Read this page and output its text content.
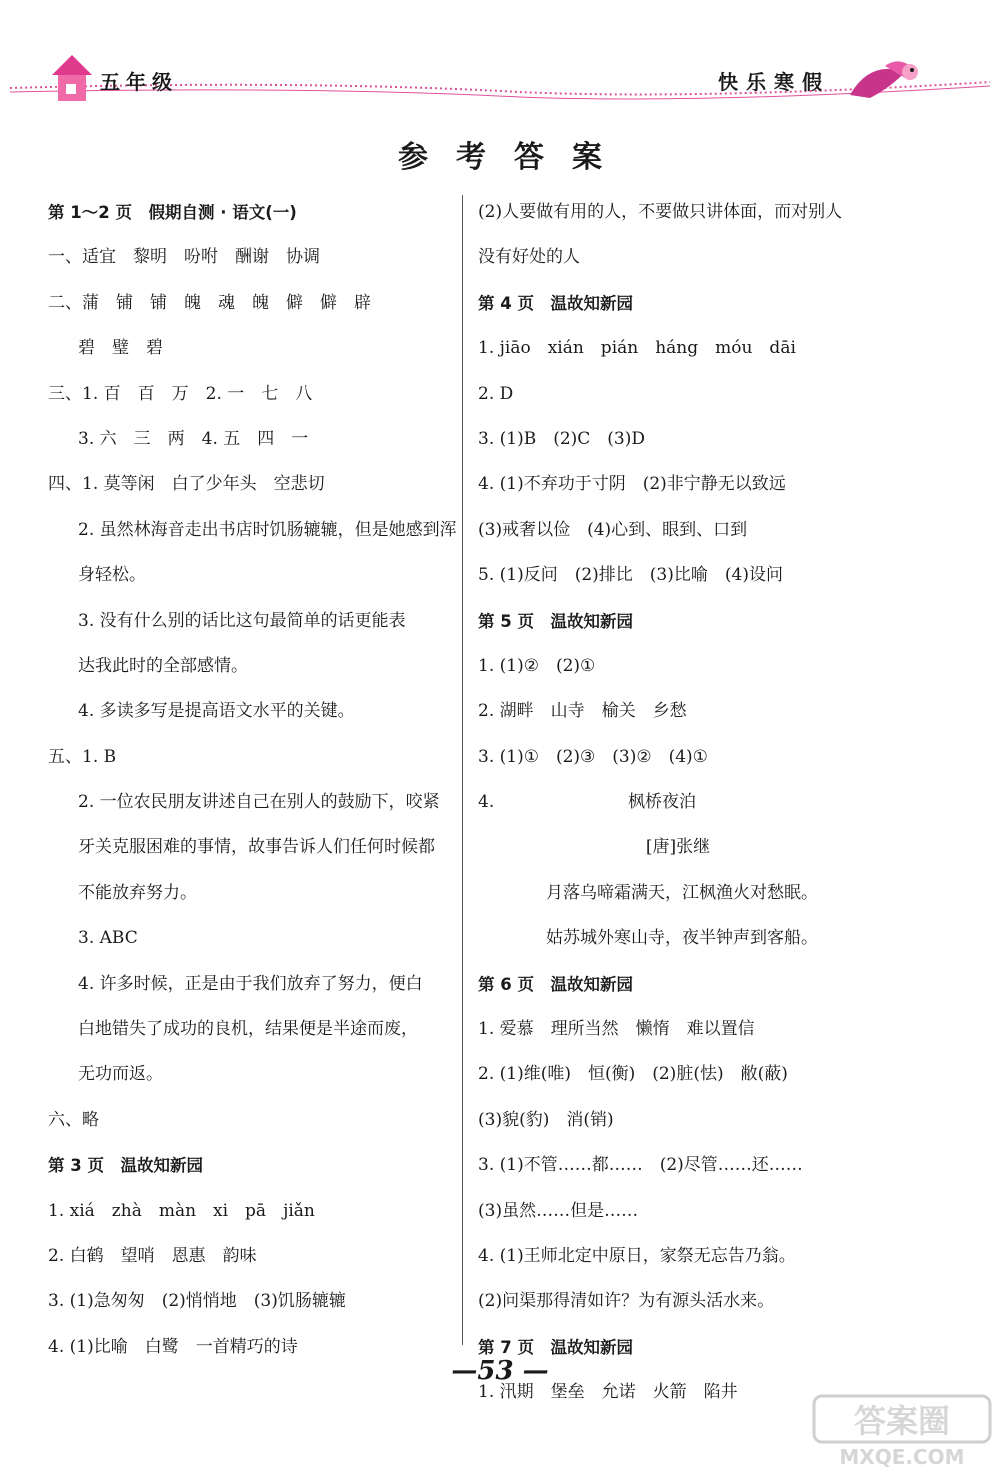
五年级	快乐寒假
参考答案
第 1～2 页　假期自测 · 语文(一)
一、适宜　黎明　吩咐　酬谢　协调
二、蒲　铺　铺　魄　魂　魄　僻　僻　辟
碧　璧　碧
三、1. 百　百　万　2. 一　七　八
3. 六　三　两　4. 五　四　一
四、1. 莫等闲　白了少年头　空悲切
2. 虽然林海音走出书店时饥肠辘辘，但是她感到浑
身轻松。
3. 没有什么别的话比这句最简单的话更能表
达我此时的全部感情。
4. 多读多写是提高语文水平的关键。
五、1. B
2. 一位农民朋友讲述自己在别人的鼓励下，咬紧
牙关克服困难的事情，故事告诉人们任何时候都
不能放弃努力。
3. ABC
4. 许多时候，正是由于我们放弃了努力，便白
白地错失了成功的良机，结果便是半途而废，
无功而返。
六、略
第 3 页　温故知新园
1. xiá　zhà　màn　xi　pā　jiǎn
2. 白鹤　望哨　恩惠　韵味
3. (1)急匆匆　(2)悄悄地　(3)饥肠辘辘
4. (1)比喻　白鹭　一首精巧的诗
(2)人要做有用的人，不要做只讲体面，而对别人
没有好处的人
第 4 页　温故知新园
1. jiāo　xián　pián　háng　móu　dāi
2. D
3. (1)B　(2)C　(3)D
4. (1)不弃功于寸阴　(2)非宁静无以致远
(3)戒奢以俭　(4)心到、眼到、口到
5. (1)反问　(2)排比　(3)比喻　(4)设问
第 5 页　温故知新园
1. (1)②　(2)①
2. 湖畔　山寺　榆关　乡愁
3. (1)①　(2)③　(3)②　(4)①
4.	枫桥夜泊
[唐]张继
月落乌啼霜满天，江枫渔火对愁眠。
姑苏城外寒山寺，夜半钟声到客船。
第 6 页　温故知新园
1. 爱慕　理所当然　懒惰　难以置信
2. (1)维(唯)　恒(衡)　(2)脏(怯)　敝(蔽)
(3)貌(豹)　消(销)
3. (1)不管……都……　(2)尽管……还……
(3)虽然……但是……
4. (1)王师北定中原日，家祭无忘告乃翁。
(2)问渠那得清如许？为有源头活水来。
第 7 页　温故知新园
1. 汛期　堡垒　允诺　火箭　陷井
—53 —
答案圈
MXQE.COM
